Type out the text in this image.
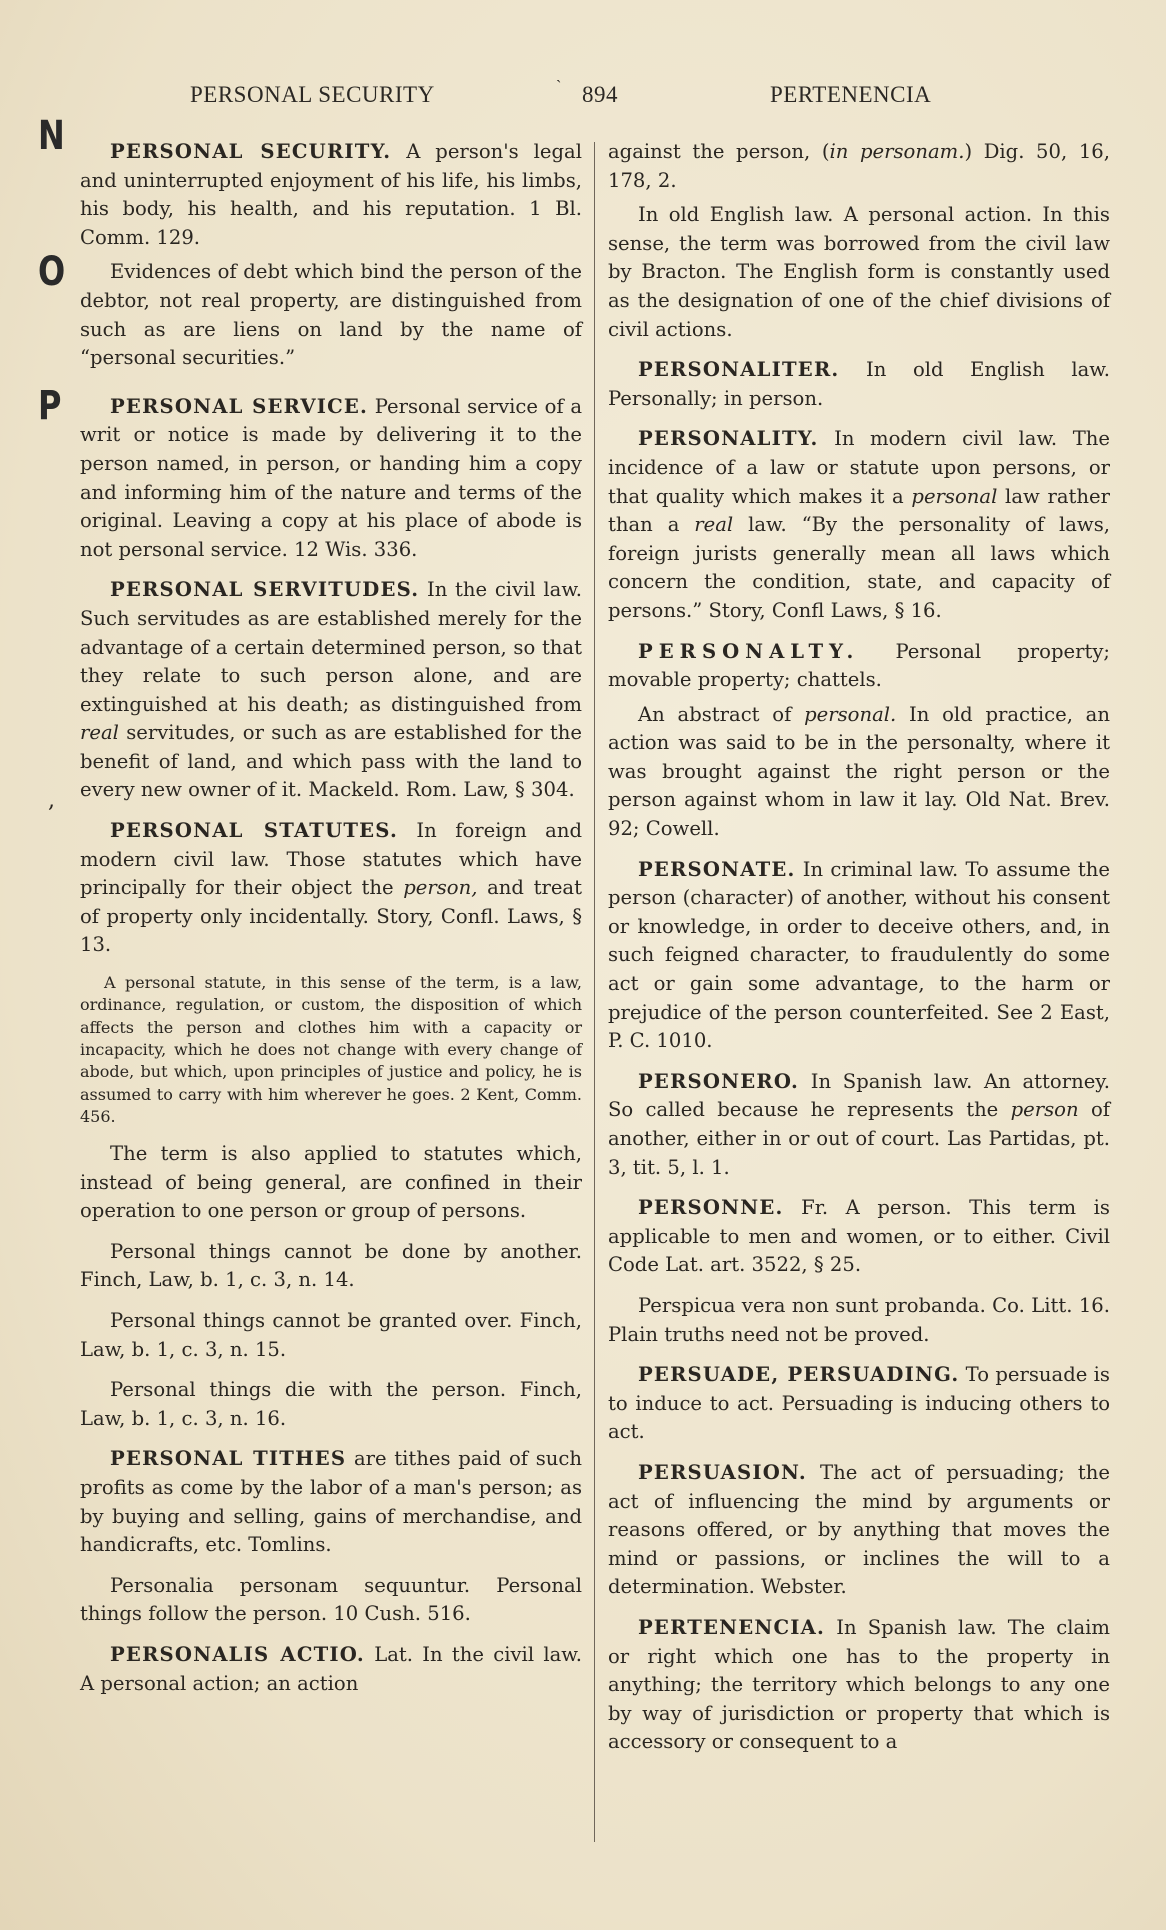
PERSONAL SECURITY	` 894	PERTENENCIA
N
O
P
,

PERSONAL SECURITY. A person's legal and uninterrupted enjoyment of his life, his limbs, his body, his health, and his reputation. 1 Bl. Comm. 129.

Evidences of debt which bind the person of the debtor, not real property, are distinguished from such as are liens on land by the name of “personal securities.”

PERSONAL SERVICE. Personal service of a writ or notice is made by delivering it to the person named, in person, or handing him a copy and informing him of the nature and terms of the original. Leaving a copy at his place of abode is not personal service. 12 Wis. 336.

PERSONAL SERVITUDES. In the civil law. Such servitudes as are established merely for the advantage of a certain determined person, so that they relate to such person alone, and are extinguished at his death; as distinguished from real servitudes, or such as are established for the benefit of land, and which pass with the land to every new owner of it. Mackeld. Rom. Law, § 304.

PERSONAL STATUTES. In foreign and modern civil law. Those statutes which have principally for their object the person, and treat of property only incidentally. Story, Confl. Laws, § 13.

A personal statute, in this sense of the term, is a law, ordinance, regulation, or custom, the disposition of which affects the person and clothes him with a capacity or incapacity, which he does not change with every change of abode, but which, upon principles of justice and policy, he is assumed to carry with him wherever he goes. 2 Kent, Comm. 456.

The term is also applied to statutes which, instead of being general, are confined in their operation to one person or group of persons.

Personal things cannot be done by another. Finch, Law, b. 1, c. 3, n. 14.

Personal things cannot be granted over. Finch, Law, b. 1, c. 3, n. 15.

Personal things die with the person. Finch, Law, b. 1, c. 3, n. 16.

PERSONAL TITHES are tithes paid of such profits as come by the labor of a man's person; as by buying and selling, gains of merchandise, and handicrafts, etc. Tomlins.

Personalia personam sequuntur. Personal things follow the person. 10 Cush. 516.

PERSONALIS ACTIO. Lat. In the civil law. A personal action; an action

against the person, (in personam.) Dig. 50, 16, 178, 2.

In old English law. A personal action. In this sense, the term was borrowed from the civil law by Bracton. The English form is constantly used as the designation of one of the chief divisions of civil actions.

PERSONALITER. In old English law. Personally; in person.

PERSONALITY. In modern civil law. The incidence of a law or statute upon persons, or that quality which makes it a personal law rather than a real law. “By the personality of laws, foreign jurists generally mean all laws which concern the condition, state, and capacity of persons.” Story, Confl Laws, § 16.

PERSONALTY. Personal property; movable property; chattels.

An abstract of personal. In old practice, an action was said to be in the personalty, where it was brought against the right person or the person against whom in law it lay. Old Nat. Brev. 92; Cowell.

PERSONATE. In criminal law. To assume the person (character) of another, without his consent or knowledge, in order to deceive others, and, in such feigned character, to fraudulently do some act or gain some advantage, to the harm or prejudice of the person counterfeited. See 2 East, P. C. 1010.

PERSONERO. In Spanish law. An attorney. So called because he represents the person of another, either in or out of court. Las Partidas, pt. 3, tit. 5, l. 1.

PERSONNE. Fr. A person. This term is applicable to men and women, or to either. Civil Code Lat. art. 3522, § 25.

Perspicua vera non sunt probanda. Co. Litt. 16. Plain truths need not be proved.

PERSUADE, PERSUADING. To persuade is to induce to act. Persuading is inducing others to act.

PERSUASION. The act of persuading; the act of influencing the mind by arguments or reasons offered, or by anything that moves the mind or passions, or inclines the will to a determination. Webster.

PERTENENCIA. In Spanish law. The claim or right which one has to the property in anything; the territory which belongs to any one by way of jurisdiction or property that which is accessory or consequent to a
